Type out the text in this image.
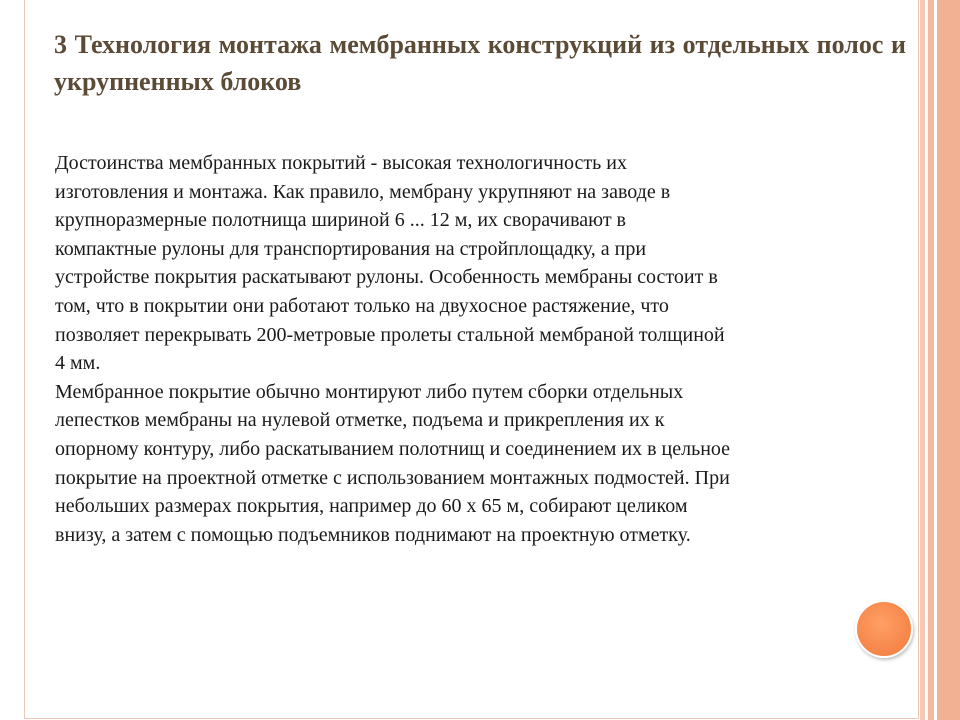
3 Технология монтажа мембранных конструкций из отдельных полос и укрупненных блоков

Достоинства мембранных покрытий - высокая технологичность их
изготовления и монтажа. Как правило, мембрану укрупняют на заводе в
крупноразмерные полотнища шириной 6 ... 12 м, их сворачивают в
компактные рулоны для транспортирования на стройплощадку, а при
устройстве покрытия раскатывают рулоны. Особенность мембраны состоит в
том, что в покрытии они работают только на двухосное растяжение, что
позволяет перекрывать 200-метровые пролеты стальной мембраной толщиной
4 мм.

Мембранное покрытие обычно монтируют либо путем сборки отдельных
лепестков мембраны на нулевой отметке, подъема и прикрепления их к
опорному контуру, либо раскатыванием полотнищ и соединением их в цельное
покрытие на проектной отметке с использованием монтажных подмостей. При
небольших размерах покрытия, например до 60 х 65 м, собирают целиком
внизу, а затем с помощью подъемников поднимают на проектную отметку.
